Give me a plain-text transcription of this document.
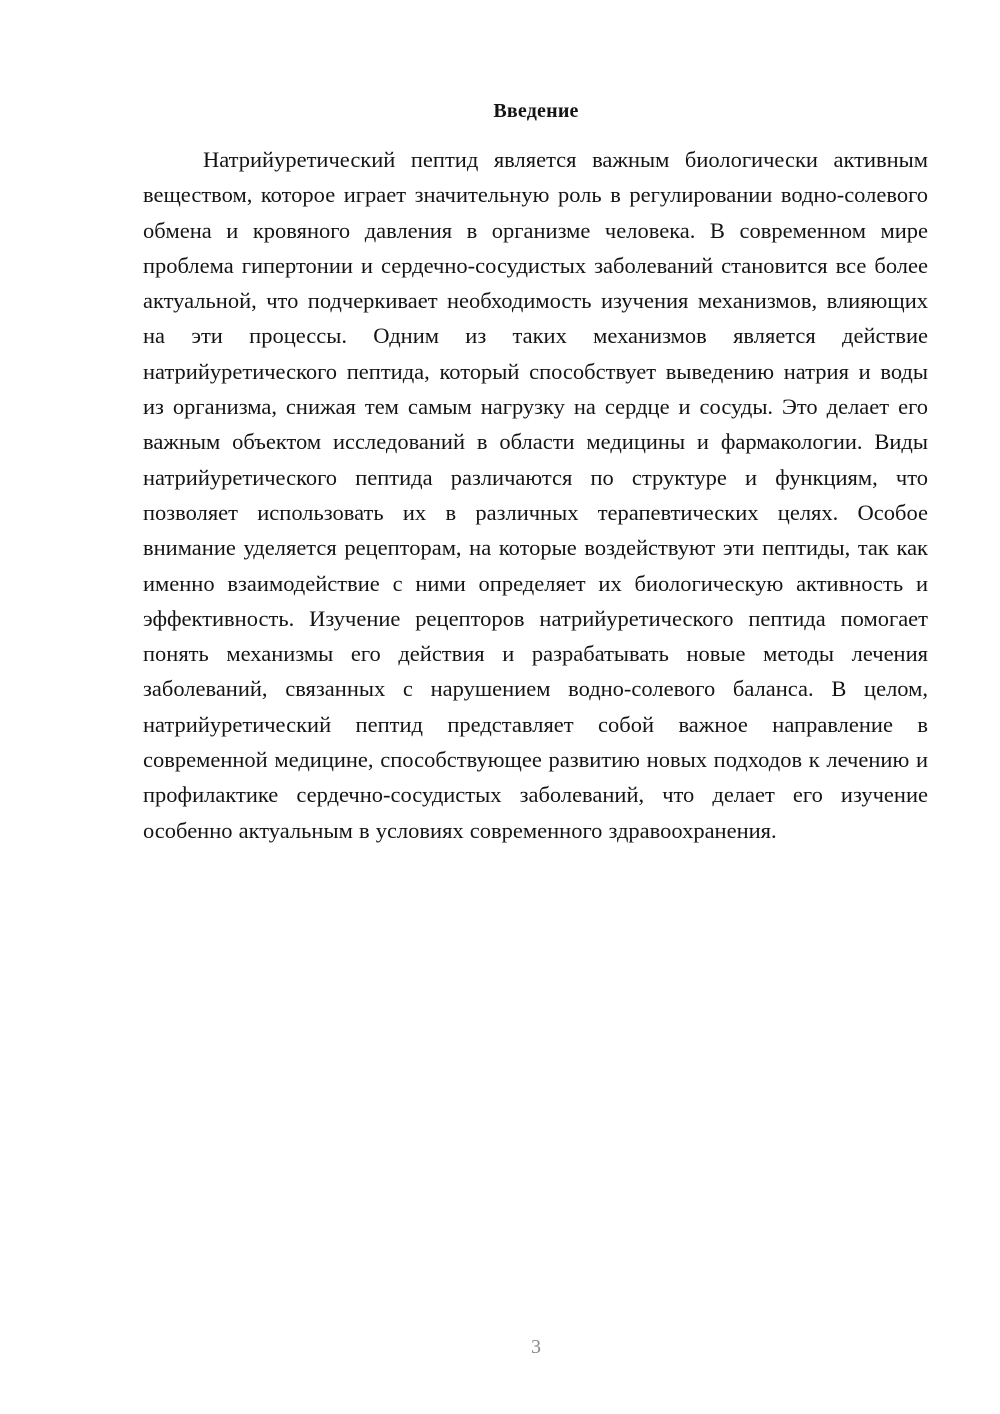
Введение

Натрийуретический пептид является важным биологически активным веществом, которое играет значительную роль в регулировании водно-солевого обмена и кровяного давления в организме человека. В современном мире проблема гипертонии и сердечно-сосудистых заболеваний становится все более актуальной, что подчеркивает необходимость изучения механизмов, влияющих на эти процессы. Одним из таких механизмов является действие натрийуретического пептида, который способствует выведению натрия и воды из организма, снижая тем самым нагрузку на сердце и сосуды. Это делает его важным объектом исследований в области медицины и фармакологии. Виды натрийуретического пептида различаются по структуре и функциям, что позволяет использовать их в различных терапевтических целях. Особое внимание уделяется рецепторам, на которые воздействуют эти пептиды, так как именно взаимодействие с ними определяет их биологическую активность и эффективность. Изучение рецепторов натрийуретического пептида помогает понять механизмы его действия и разрабатывать новые методы лечения заболеваний, связанных с нарушением водно-солевого баланса. В целом, натрийуретический пептид представляет собой важное направление в современной медицине, способствующее развитию новых подходов к лечению и профилактике сердечно-сосудистых заболеваний, что делает его изучение особенно актуальным в условиях современного здравоохранения.

3
